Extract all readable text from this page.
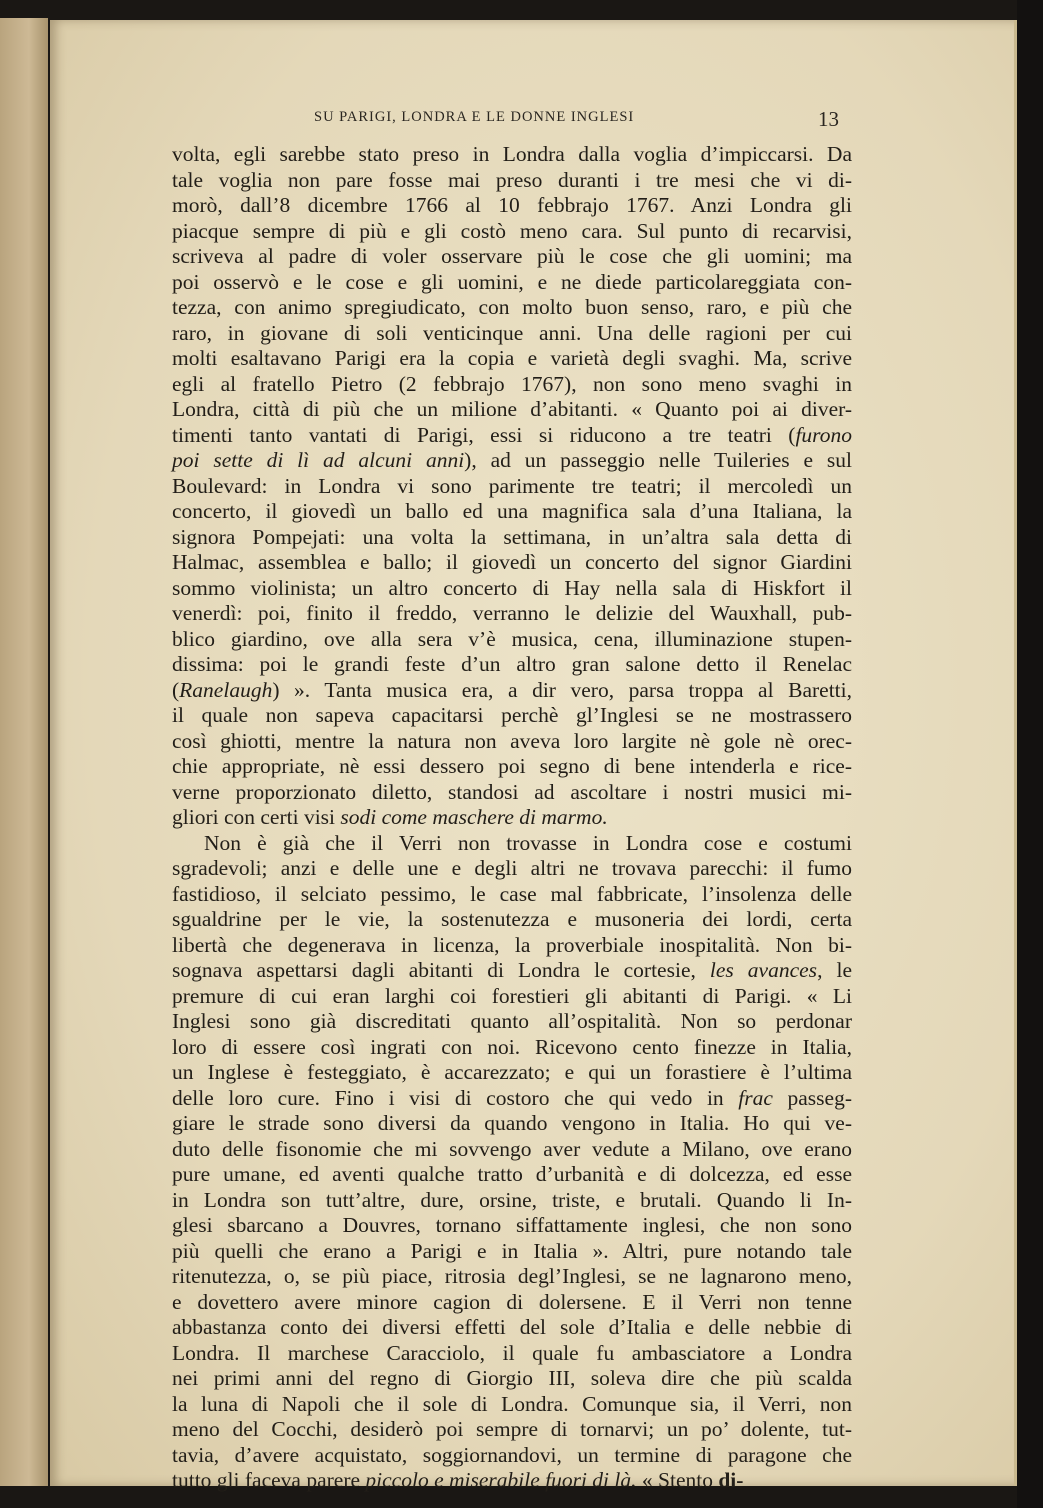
SU PARIGI, LONDRA E LE DONNE INGLESI	13
volta, egli sarebbe stato preso in Londra dalla voglia d’impiccarsi. Da
tale voglia non pare fosse mai preso duranti i tre mesi che vi di-
morò, dall’8 dicembre 1766 al 10 febbrajo 1767. Anzi Londra gli
piacque sempre di più e gli costò meno cara. Sul punto di recarvisi,
scriveva al padre di voler osservare più le cose che gli uomini; ma
poi osservò e le cose e gli uomini, e ne diede particolareggiata con-
tezza, con animo spregiudicato, con molto buon senso, raro, e più che
raro, in giovane di soli venticinque anni. Una delle ragioni per cui
molti esaltavano Parigi era la copia e varietà degli svaghi. Ma, scrive
egli al fratello Pietro (2 febbrajo 1767), non sono meno svaghi in
Londra, città di più che un milione d’abitanti. « Quanto poi ai diver-
timenti tanto vantati di Parigi, essi si riducono a tre teatri (furono
poi sette di lì ad alcuni anni), ad un passeggio nelle Tuileries e sul
Boulevard: in Londra vi sono parimente tre teatri; il mercoledì un
concerto, il giovedì un ballo ed una magnifica sala d’una Italiana, la
signora Pompejati: una volta la settimana, in un’altra sala detta di
Halmac, assemblea e ballo; il giovedì un concerto del signor Giardini
sommo violinista; un altro concerto di Hay nella sala di Hiskfort il
venerdì: poi, finito il freddo, verranno le delizie del Wauxhall, pub-
blico giardino, ove alla sera v’è musica, cena, illuminazione stupen-
dissima: poi le grandi feste d’un altro gran salone detto il Renelac
(Ranelaugh) ». Tanta musica era, a dir vero, parsa troppa al Baretti,
il quale non sapeva capacitarsi perchè gl’Inglesi se ne mostrassero
così ghiotti, mentre la natura non aveva loro largite nè gole nè orec-
chie appropriate, nè essi dessero poi segno di bene intenderla e rice-
verne proporzionato diletto, standosi ad ascoltare i nostri musici mi-
gliori con certi visi sodi come maschere di marmo.
Non è già che il Verri non trovasse in Londra cose e costumi
sgradevoli; anzi e delle une e degli altri ne trovava parecchi: il fumo
fastidioso, il selciato pessimo, le case mal fabbricate, l’insolenza delle
sgualdrine per le vie, la sostenutezza e musoneria dei lordi, certa
libertà che degenerava in licenza, la proverbiale inospitalità. Non bi-
sognava aspettarsi dagli abitanti di Londra le cortesie, les avances, le
premure di cui eran larghi coi forestieri gli abitanti di Parigi. « Li
Inglesi sono già discreditati quanto all’ospitalità. Non so perdonar
loro di essere così ingrati con noi. Ricevono cento finezze in Italia,
un Inglese è festeggiato, è accarezzato; e qui un forastiere è l’ultima
delle loro cure. Fino i visi di costoro che qui vedo in frac passeg-
giare le strade sono diversi da quando vengono in Italia. Ho qui ve-
duto delle fisonomie che mi sovvengo aver vedute a Milano, ove erano
pure umane, ed aventi qualche tratto d’urbanità e di dolcezza, ed esse
in Londra son tutt’altre, dure, orsine, triste, e brutali. Quando li In-
glesi sbarcano a Douvres, tornano siffattamente inglesi, che non sono
più quelli che erano a Parigi e in Italia ». Altri, pure notando tale
ritenutezza, o, se più piace, ritrosia degl’Inglesi, se ne lagnarono meno,
e dovettero avere minore cagion di dolersene. E il Verri non tenne
abbastanza conto dei diversi effetti del sole d’Italia e delle nebbie di
Londra. Il marchese Caracciolo, il quale fu ambasciatore a Londra
nei primi anni del regno di Giorgio III, soleva dire che più scalda
la luna di Napoli che il sole di Londra. Comunque sia, il Verri, non
meno del Cocchi, desiderò poi sempre di tornarvi; un po’ dolente, tut-
tavia, d’avere acquistato, soggiornandovi, un termine di paragone che
tutto gli faceva parere piccolo e miserabile fuori di là. « Stento di-
